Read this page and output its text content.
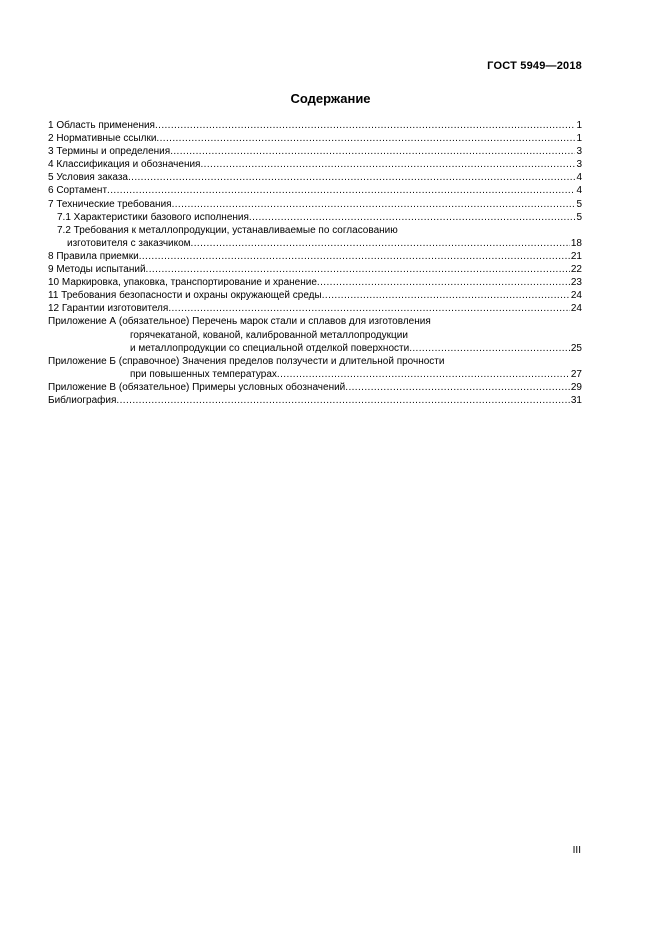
ГОСТ 5949—2018
Содержание
1 Область применения .....	1
2 Нормативные ссылки .....	1
3 Термины и определения .....	3
4 Классификация и обозначения .....	3
5 Условия заказа .....	4
6 Сортамент .....	4
7 Технические требования .....	5
7.1 Характеристики базового исполнения .....	5
7.2 Требования к металлопродукции, устанавливаемые по согласованию
изготовителя с заказчиком .....	18
8 Правила приемки .....	21
9 Методы испытаний .....	22
10 Маркировка, упаковка, транспортирование и хранение .....	23
11 Требования безопасности и охраны окружающей среды .....	24
12 Гарантии изготовителя .....	24
Приложение А (обязательное) Перечень марок стали и сплавов для изготовления
горячекатаной, кованой, калиброванной металлопродукции
и металлопродукции со специальной отделкой поверхности .....	25
Приложение Б (справочное) Значения пределов ползучести и длительной прочности
при повышенных температурах .....	27
Приложение В (обязательное) Примеры условных обозначений .....	29
Библиография .....	31
III
